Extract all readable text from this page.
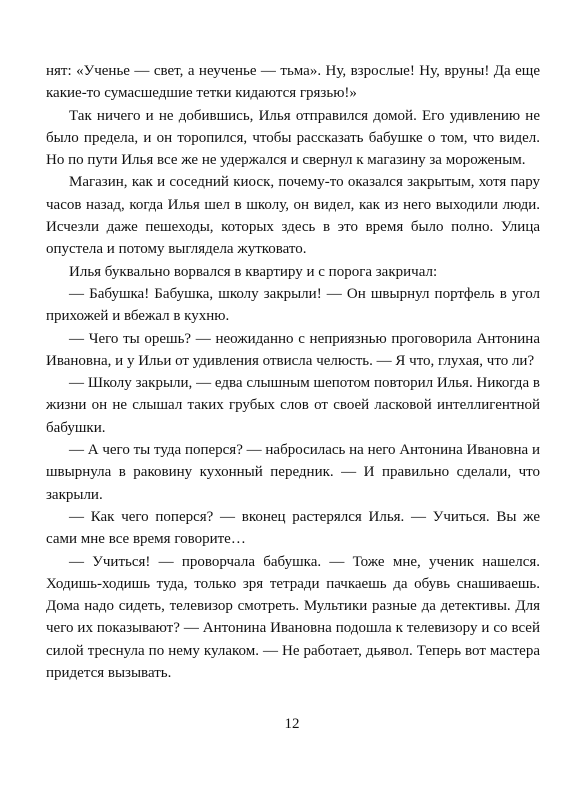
нят: «Ученье — свет, а неученье — тьма». Ну, взрослые! Ну, вруны! Да еще какие-то сумасшедшие тетки кидаются грязью!»

Так ничего и не добившись, Илья отправился домой. Его удивлению не было предела, и он торопился, чтобы рассказать бабушке о том, что видел. Но по пути Илья все же не удержался и свернул к магазину за мороженым.

Магазин, как и соседний киоск, почему-то оказался закрытым, хотя пару часов назад, когда Илья шел в школу, он видел, как из него выходили люди. Исчезли даже пешеходы, которых здесь в это время было полно. Улица опустела и потому выглядела жутковато.

Илья буквально ворвался в квартиру и с порога закричал:

— Бабушка! Бабушка, школу закрыли! — Он швырнул портфель в угол прихожей и вбежал в кухню.

— Чего ты орешь? — неожиданно с неприязнью проговорила Антонина Ивановна, и у Ильи от удивления отвисла челюсть. — Я что, глухая, что ли?

— Школу закрыли, — едва слышным шепотом повторил Илья. Никогда в жизни он не слышал таких грубых слов от своей ласковой интеллигентной бабушки.

— А чего ты туда поперся? — набросилась на него Антонина Ивановна и швырнула в раковину кухонный передник. — И правильно сделали, что закрыли.

— Как чего поперся? — вконец растерялся Илья. — Учиться. Вы же сами мне все время говорите…

— Учиться! — проворчала бабушка. — Тоже мне, ученик нашелся. Ходишь-ходишь туда, только зря тетради пачкаешь да обувь снашиваешь. Дома надо сидеть, телевизор смотреть. Мультики разные да детективы. Для чего их показывают? — Антонина Ивановна подошла к телевизору и со всей силой треснула по нему кулаком. — Не работает, дьявол. Теперь вот мастера придется вызывать.

12
